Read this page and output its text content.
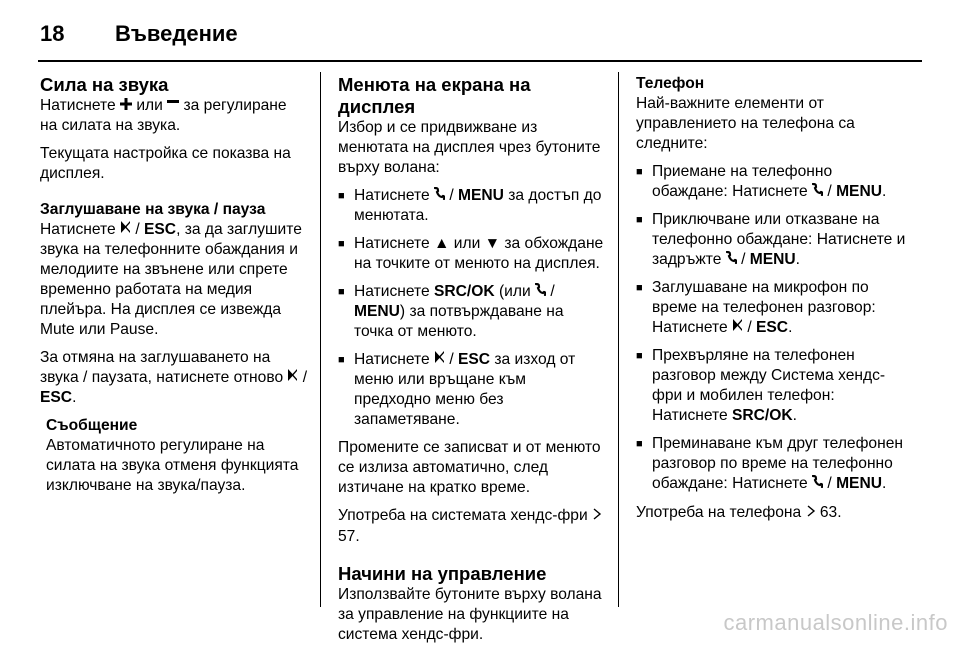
18	Въведение
Сила на звука

Натиснете  или  за регулиране на силата на звука.

Текущата настройка се показва на дисплея.

Заглушаване на звука / пауза

Натиснете  / ESC, за да заглушите звука на телефонните обаждания и мелодиите на звънене или спрете временно работата на медия плейъра. На дисплея се извежда Mute или Pause.

За отмяна на заглушаването на звука / паузата, натиснете отново  / ESC.

Съобщение

Автоматичното регулиране на силата на звука отменя функцията изключване на звука/пауза.

Менюта на екрана на дисплея

Избор и се придвижване из менютата на дисплея чрез бутоните върху волана:

■ Натиснете  / MENU за достъп до менютата.
■ Натиснете ▲ или ▼ за обхождане на точките от менюто на дисплея.
■ Натиснете SRC/OK (или  / MENU) за потвърждаване на точка от менюто.
■ Натиснете  / ESC за изход от меню или връщане към предходно меню без запаметяване.

Промените се записват и от менюто се излиза автоматично, след изтичане на кратко време.

Употреба на системата хендс-фри  57.

Начини на управление

Използвайте бутоните върху волана за управление на функциите на система хендс-фри.

Телефон

Най-важните елементи от управлението на телефона са следните:

■ Приемане на телефонно обаждане: Натиснете  / MENU.
■ Приключване или отказване на телефонно обаждане: Натиснете и задръжте  / MENU.
■ Заглушаване на микрофон по време на телефонен разговор: Натиснете  / ESC.
■ Прехвърляне на телефонен разговор между Система хендс-фри и мобилен телефон: Натиснете SRC/OK.
■ Преминаване към друг телефонен разговор по време на телефонно обаждане: Натиснете  / MENU.

Употреба на телефона  63.

carmanualsonline.info
